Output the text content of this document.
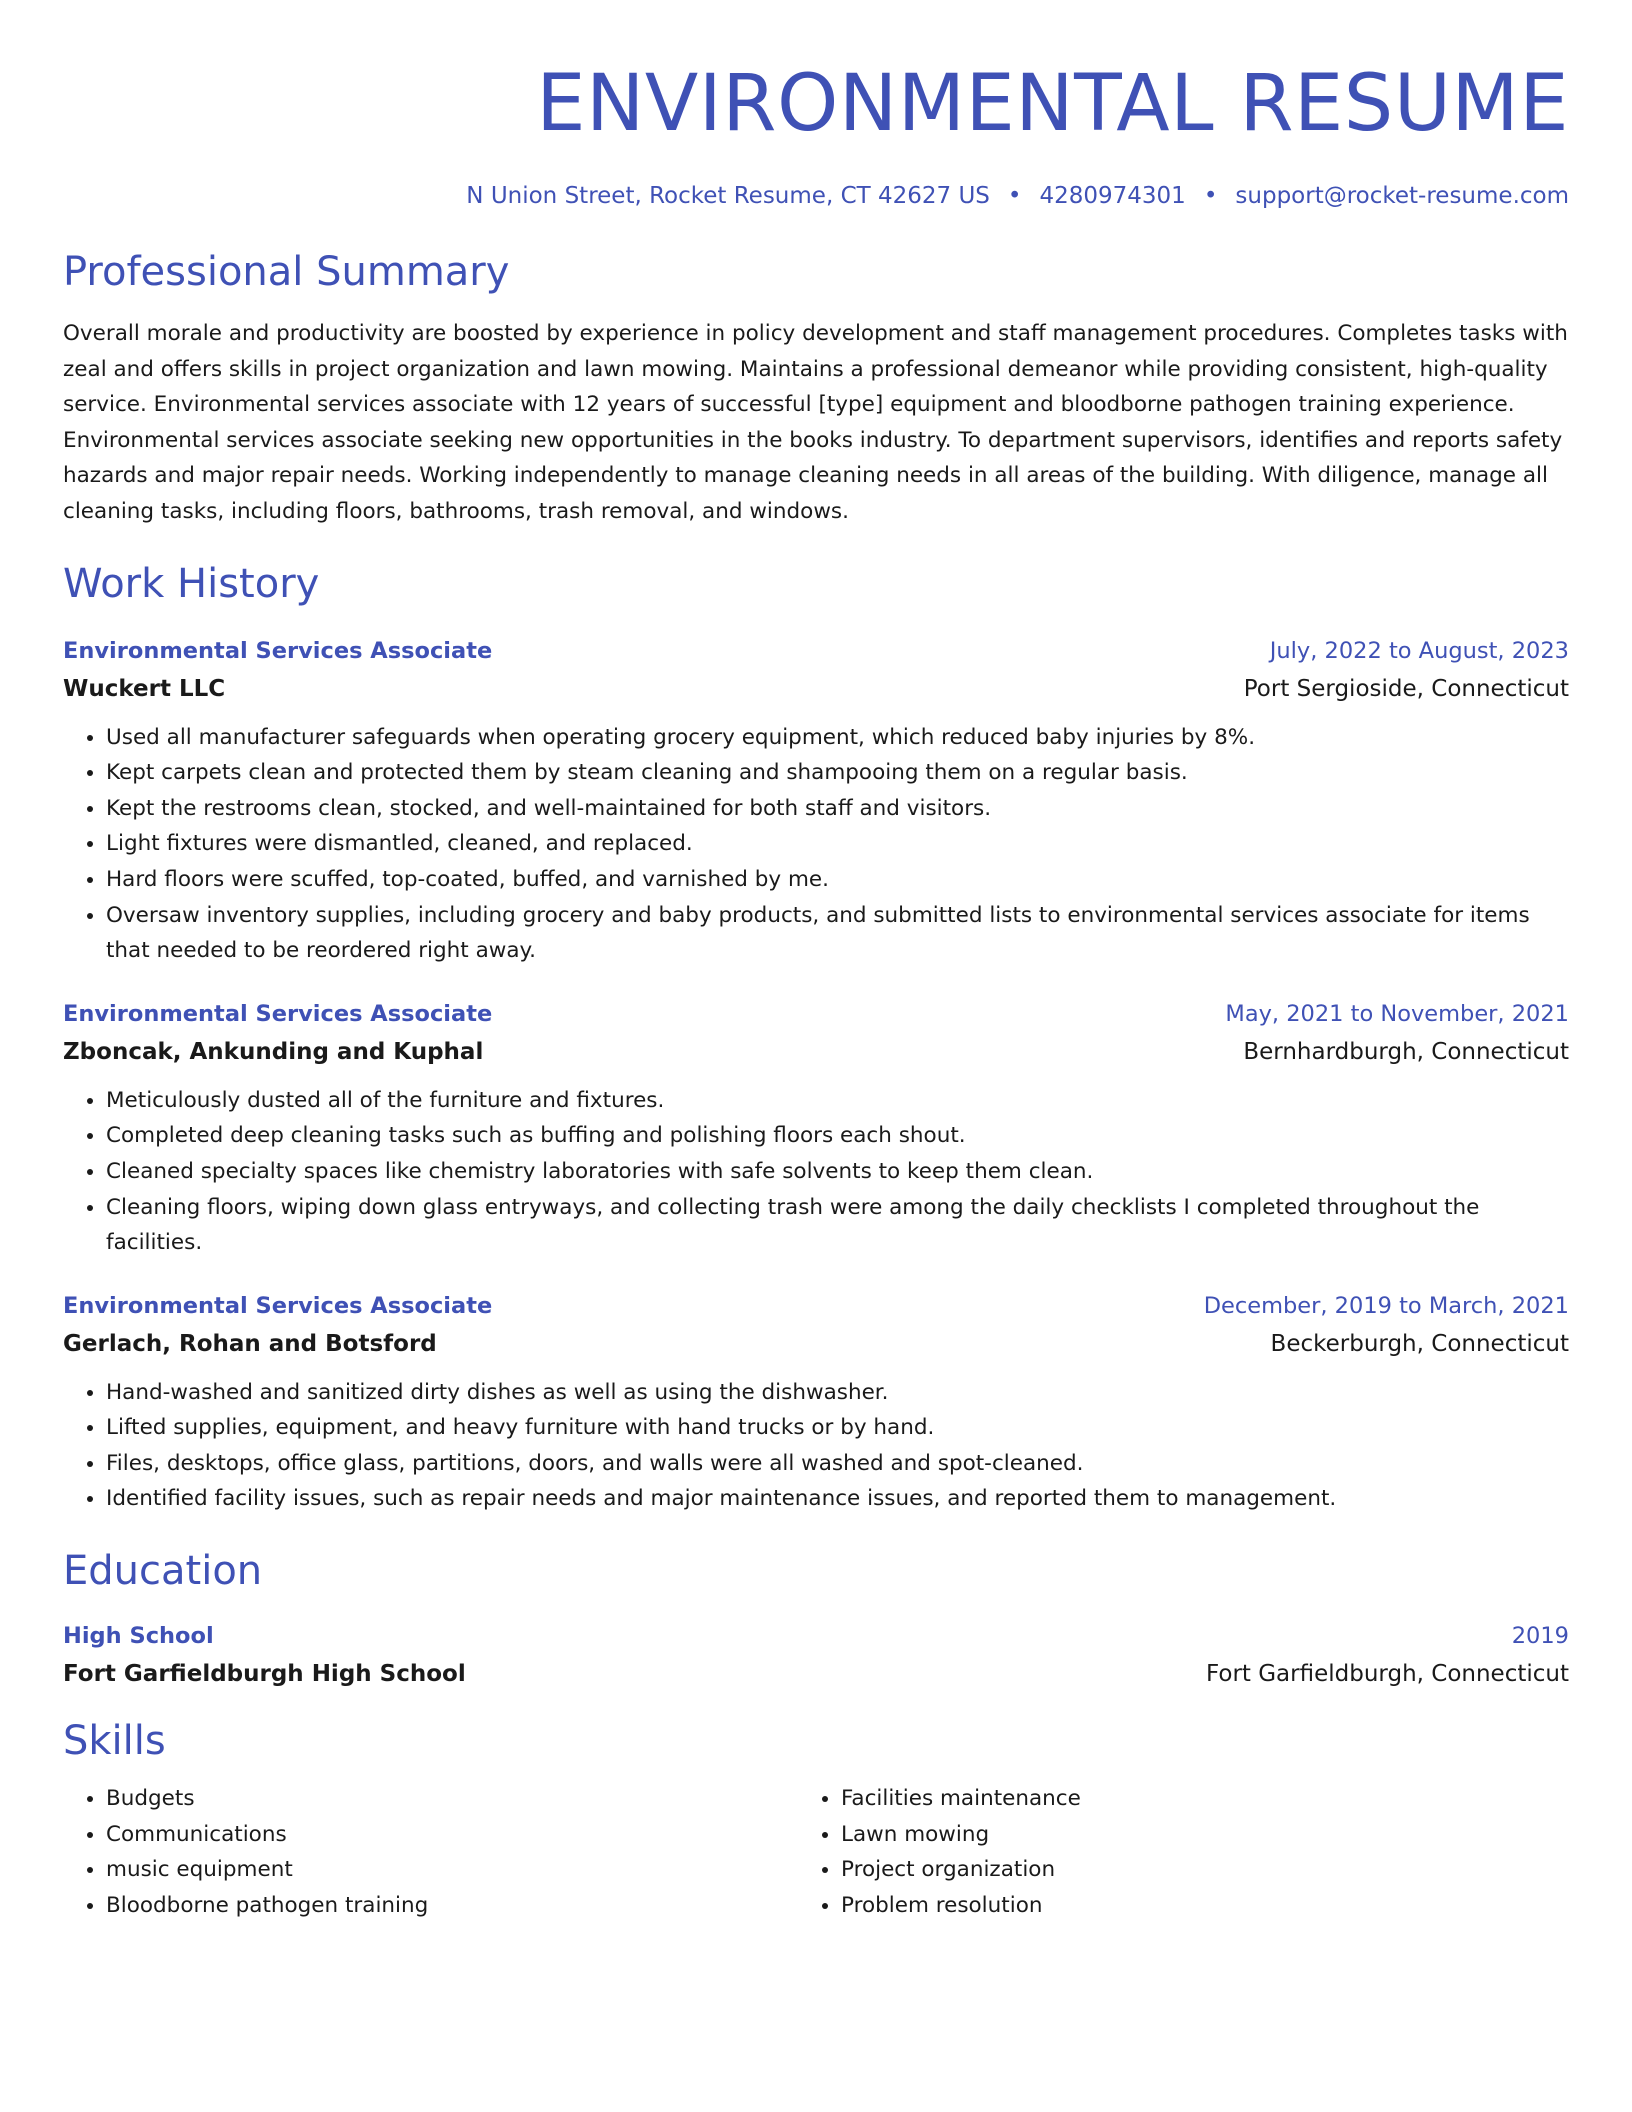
ENVIRONMENTAL RESUME
N Union Street, Rocket Resume, CT 42627 US • 4280974301 • support@rocket-resume.com
Professional Summary
Overall morale and productivity are boosted by experience in policy development and staff management procedures. Completes tasks with zeal and offers skills in project organization and lawn mowing. Maintains a professional demeanor while providing consistent, high-quality service. Environmental services associate with 12 years of successful [type] equipment and bloodborne pathogen training experience. Environmental services associate seeking new opportunities in the books industry. To department supervisors, identifies and reports safety hazards and major repair needs. Working independently to manage cleaning needs in all areas of the building. With diligence, manage all cleaning tasks, including floors, bathrooms, trash removal, and windows.
Work History
Environmental Services Associate	July, 2022 to August, 2023
Wuckert LLC	Port Sergioside, Connecticut
• Used all manufacturer safeguards when operating grocery equipment, which reduced baby injuries by 8%.
• Kept carpets clean and protected them by steam cleaning and shampooing them on a regular basis.
• Kept the restrooms clean, stocked, and well-maintained for both staff and visitors.
• Light fixtures were dismantled, cleaned, and replaced.
• Hard floors were scuffed, top-coated, buffed, and varnished by me.
• Oversaw inventory supplies, including grocery and baby products, and submitted lists to environmental services associate for items that needed to be reordered right away.
Environmental Services Associate	May, 2021 to November, 2021
Zboncak, Ankunding and Kuphal	Bernhardburgh, Connecticut
• Meticulously dusted all of the furniture and fixtures.
• Completed deep cleaning tasks such as buffing and polishing floors each shout.
• Cleaned specialty spaces like chemistry laboratories with safe solvents to keep them clean.
• Cleaning floors, wiping down glass entryways, and collecting trash were among the daily checklists I completed throughout the facilities.
Environmental Services Associate	December, 2019 to March, 2021
Gerlach, Rohan and Botsford	Beckerburgh, Connecticut
• Hand-washed and sanitized dirty dishes as well as using the dishwasher.
• Lifted supplies, equipment, and heavy furniture with hand trucks or by hand.
• Files, desktops, office glass, partitions, doors, and walls were all washed and spot-cleaned.
• Identified facility issues, such as repair needs and major maintenance issues, and reported them to management.
Education
High School	2019
Fort Garfieldburgh High School	Fort Garfieldburgh, Connecticut
Skills
• Budgets
• Communications
• music equipment
• Bloodborne pathogen training
• Facilities maintenance
• Lawn mowing
• Project organization
• Problem resolution
